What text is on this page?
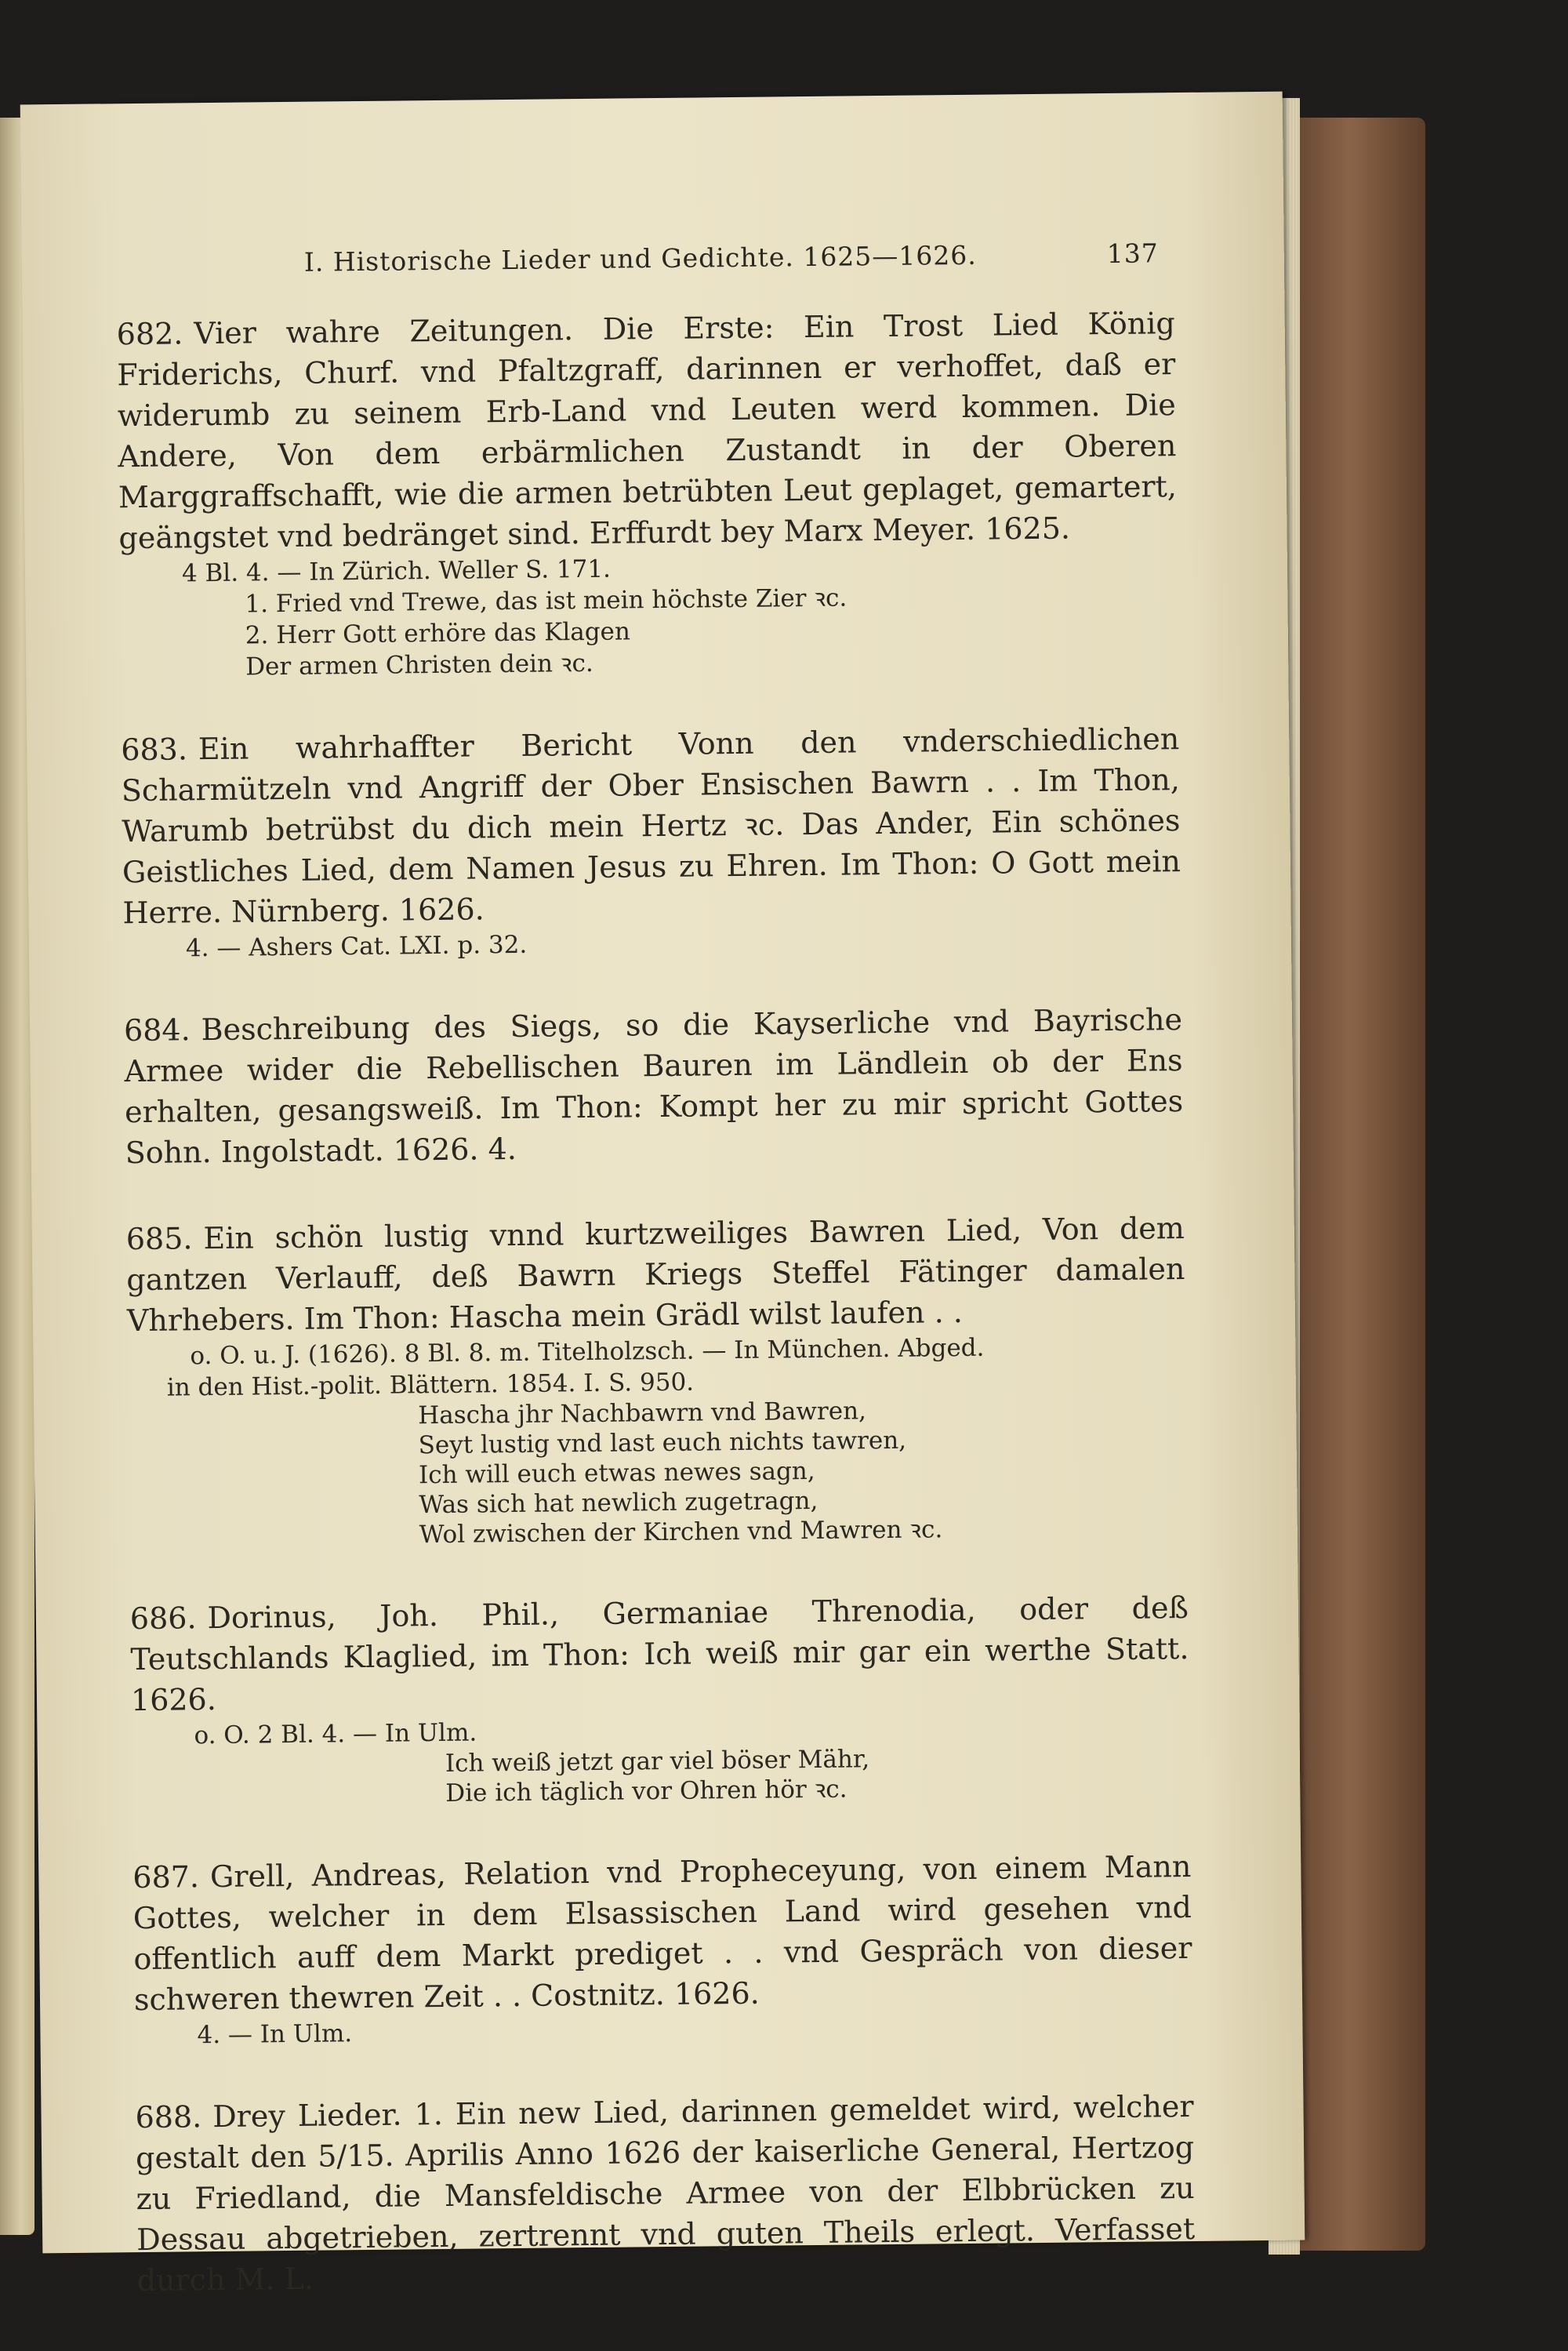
I. Historische Lieder und Gedichte. 1625—1626.	137

682. Vier wahre Zeitungen. Die Erste: Ein Trost Lied König Friderichs, Churf. vnd Pfaltzgraff, darinnen er verhoffet, daß er widerumb zu seinem Erb-Land vnd Leuten werd kommen. Die Andere, Von dem erbärmlichen Zustandt in der Oberen Marggraffschafft, wie die armen betrübten Leut geplaget, gemartert, geängstet vnd bedränget sind. Erffurdt bey Marx Meyer. 1625.

4 Bl. 4. — In Zürich. Weller S. 171.

1. Fried vnd Trewe, das ist mein höchste Zier ꝛc.

2. Herr Gott erhöre das Klagen

Der armen Christen dein ꝛc.

683. Ein wahrhaffter Bericht Vonn den vnderschiedlichen Scharmützeln vnd Angriff der Ober Ensischen Bawrn . . Im Thon, Warumb betrübst du dich mein Hertz ꝛc. Das Ander, Ein schönes Geistliches Lied, dem Namen Jesus zu Ehren. Im Thon: O Gott mein Herre. Nürnberg. 1626.

4. — Ashers Cat. LXI. p. 32.

684. Beschreibung des Siegs, so die Kayserliche vnd Bayrische Armee wider die Rebellischen Bauren im Ländlein ob der Ens erhalten, gesangsweiß. Im Thon: Kompt her zu mir spricht Gottes Sohn. Ingolstadt. 1626. 4.

685. Ein schön lustig vnnd kurtzweiliges Bawren Lied, Von dem gantzen Verlauff, deß Bawrn Kriegs Steffel Fätinger damalen Vhrhebers. Im Thon: Hascha mein Grädl wilst laufen . .

o. O. u. J. (1626). 8 Bl. 8. m. Titelholzsch. — In München. Abged.

in den Hist.-polit. Blättern. 1854. I. S. 950.

Hascha jhr Nachbawrn vnd Bawren,

Seyt lustig vnd last euch nichts tawren,

Ich will euch etwas newes sagn,

Was sich hat newlich zugetragn,

Wol zwischen der Kirchen vnd Mawren ꝛc.

686. Dorinus, Joh. Phil., Germaniae Threnodia, oder deß Teutschlands Klaglied, im Thon: Ich weiß mir gar ein werthe Statt. 1626.

o. O. 2 Bl. 4. — In Ulm.

Ich weiß jetzt gar viel böser Mähr,

Die ich täglich vor Ohren hör ꝛc.

687. Grell, Andreas, Relation vnd Propheceyung, von einem Mann Gottes, welcher in dem Elsassischen Land wird gesehen vnd offentlich auff dem Markt prediget . . vnd Gespräch von dieser schweren thewren Zeit . . Costnitz. 1626.

4. — In Ulm.

688. Drey Lieder. 1. Ein new Lied, darinnen gemeldet wird, welcher gestalt den 5/15. Aprilis Anno 1626 der kaiserliche General, Hertzog zu Friedland, die Mansfeldische Armee von der Elbbrücken zu Dessau abgetrieben, zertrennt vnd guten Theils erlegt. Verfasset durch M. L.
